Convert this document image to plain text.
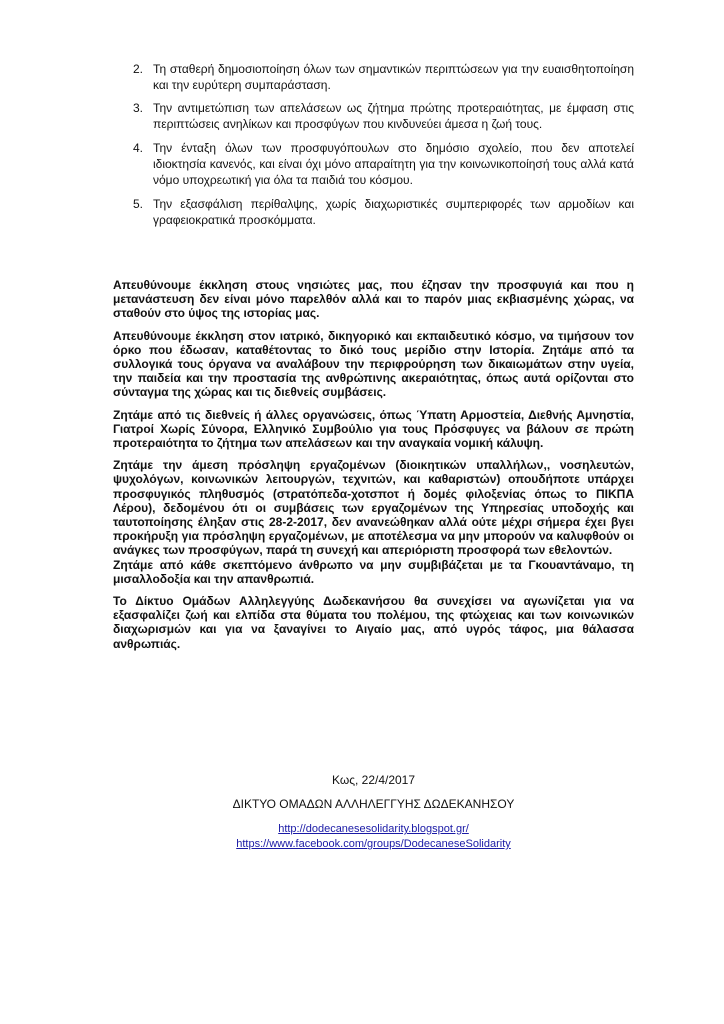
2. Τη σταθερή δημοσιοποίηση όλων των σημαντικών περιπτώσεων για την ευαισθητοποίηση και την ευρύτερη συμπαράσταση.
3. Την αντιμετώπιση των απελάσεων ως ζήτημα πρώτης προτεραιότητας, με έμφαση στις περιπτώσεις ανηλίκων και προσφύγων που κινδυνεύει άμεσα η ζωή τους.
4. Την ένταξη όλων των προσφυγόπουλων στο δημόσιο σχολείο, που δεν αποτελεί ιδιοκτησία κανενός, και είναι όχι μόνο απαραίτητη για την κοινωνικοποίησή τους αλλά κατά νόμο υποχρεωτική για όλα τα παιδιά του κόσμου.
5. Την εξασφάλιση περίθαλψης, χωρίς διαχωριστικές συμπεριφορές των αρμοδίων και γραφειοκρατικά προσκόμματα.

Απευθύνουμε έκκληση στους νησιώτες μας, που έζησαν την προσφυγιά και που η μετανάστευση δεν είναι μόνο παρελθόν αλλά και το παρόν μιας εκβιασμένης χώρας, να σταθούν στο ύψος της ιστορίας μας.

Απευθύνουμε έκκληση στον ιατρικό, δικηγορικό και εκπαιδευτικό κόσμο, να τιμήσουν τον όρκο που έδωσαν, καταθέτοντας το δικό τους μερίδιο στην Ιστορία. Ζητάμε από τα συλλογικά τους όργανα να αναλάβουν την περιφρούρηση των δικαιωμάτων στην υγεία, την παιδεία και την προστασία της ανθρώπινης ακεραιότητας, όπως αυτά ορίζονται στο σύνταγμα της χώρας και τις διεθνείς συμβάσεις.

Ζητάμε από τις διεθνείς ή άλλες οργανώσεις, όπως Ύπατη Αρμοστεία, Διεθνής Αμνηστία, Γιατροί Χωρίς Σύνορα, Ελληνικό Συμβούλιο για τους Πρόσφυγες να βάλουν σε πρώτη προτεραιότητα το ζήτημα των απελάσεων και την αναγκαία νομική κάλυψη.

Ζητάμε την άμεση πρόσληψη εργαζομένων (διοικητικών υπαλλήλων,, νοσηλευτών, ψυχολόγων, κοινωνικών λειτουργών, τεχνιτών, και καθαριστών) οπουδήποτε υπάρχει προσφυγικός πληθυσμός (στρατόπεδα-χοτσποτ ή δομές φιλοξενίας όπως το ΠΙΚΠΑ Λέρου), δεδομένου ότι οι συμβάσεις των εργαζομένων της Υπηρεσίας υποδοχής και ταυτοποίησης έληξαν στις 28-2-2017, δεν ανανεώθηκαν αλλά ούτε μέχρι σήμερα έχει βγει προκήρυξη για πρόσληψη εργαζομένων, με αποτέλεσμα να μην μπορούν να καλυφθούν οι ανάγκες των προσφύγων, παρά τη συνεχή και απεριόριστη προσφορά των εθελοντών.

Ζητάμε από κάθε σκεπτόμενο άνθρωπο να μην συμβιβάζεται με τα Γκουαντάναμο, τη μισαλλοδοξία και την απανθρωπιά.

Το Δίκτυο Ομάδων Αλληλεγγύης Δωδεκανήσου θα συνεχίσει να αγωνίζεται για να εξασφαλίζει ζωή και ελπίδα στα θύματα του πολέμου, της φτώχειας και των κοινωνικών διαχωρισμών και για να ξαναγίνει το Αιγαίο μας, από υγρός τάφος, μια θάλασσα ανθρωπιάς.

Κως, 22/4/2017

ΔΙΚΤΥΟ ΟΜΑΔΩΝ ΑΛΛΗΛΕΓΓΥΗΣ ΔΩΔΕΚΑΝΗΣΟΥ

http://dodecanesesolidarity.blogspot.gr/
https://www.facebook.com/groups/DodecaneseSolidarity
